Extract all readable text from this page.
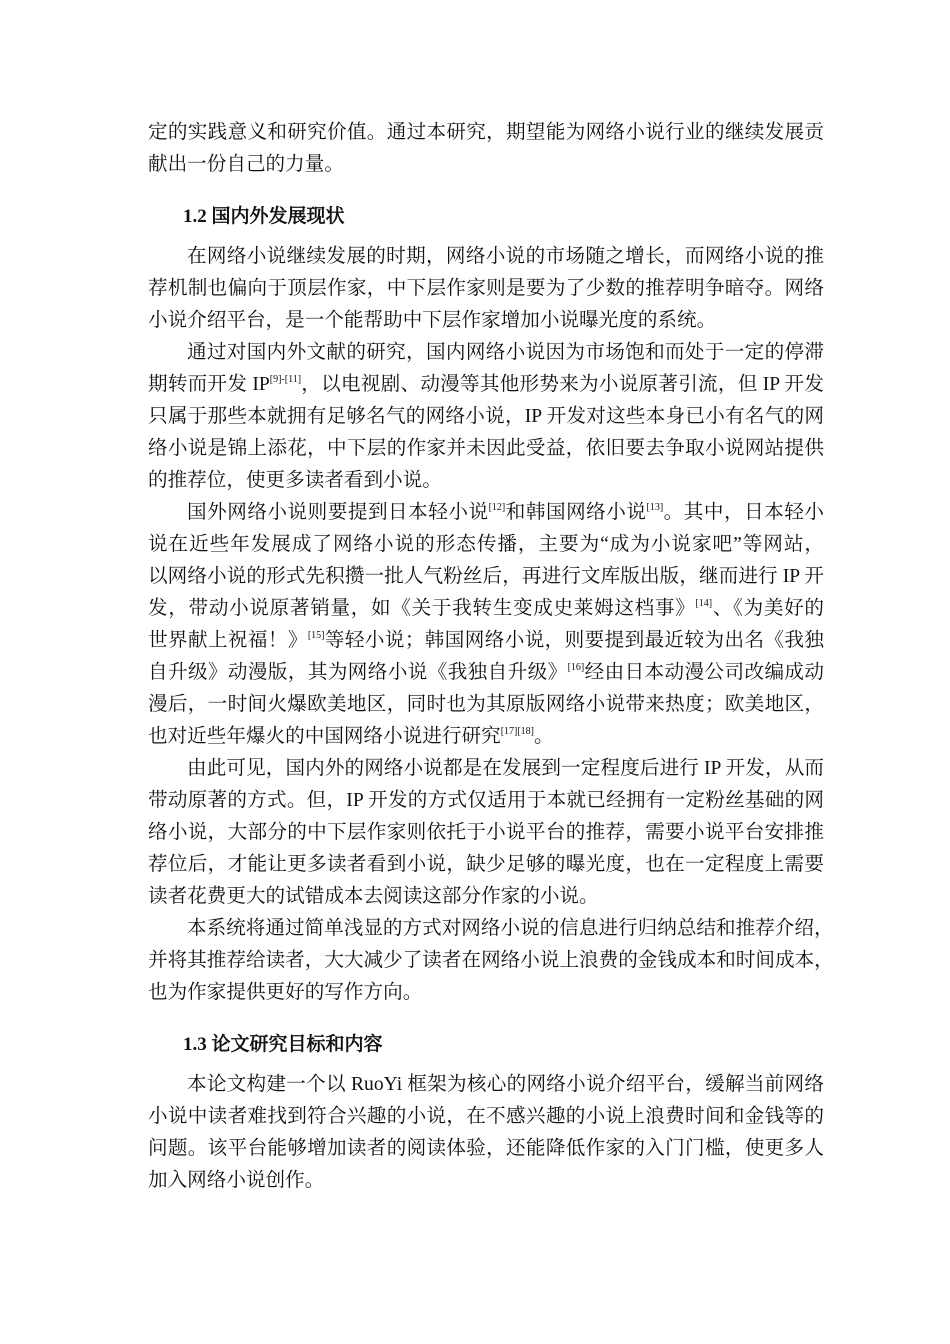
定的实践意义和研究价值。通过本研究，期望能为网络小说行业的继续发展贡
献出一份自己的力量。
1.2 国内外发展现状
在网络小说继续发展的时期，网络小说的市场随之增长，而网络小说的推
荐机制也偏向于顶层作家，中下层作家则是要为了少数的推荐明争暗夺。网络
小说介绍平台，是一个能帮助中下层作家增加小说曝光度的系统。
通过对国内外文献的研究，国内网络小说因为市场饱和而处于一定的停滞
期转而开发 IP[9]-[11]，以电视剧、动漫等其他形势来为小说原著引流，但 IP 开发
只属于那些本就拥有足够名气的网络小说，IP 开发对这些本身已小有名气的网
络小说是锦上添花，中下层的作家并未因此受益，依旧要去争取小说网站提供
的推荐位，使更多读者看到小说。
国外网络小说则要提到日本轻小说[12]和韩国网络小说[13]。其中，日本轻小
说在近些年发展成了网络小说的形态传播，主要为“成为小说家吧”等网站，
以网络小说的形式先积攒一批人气粉丝后，再进行文库版出版，继而进行 IP 开
发，带动小说原著销量，如《关于我转生变成史莱姆这档事》[14]、《为美好的
世界献上祝福！》[15]等轻小说；韩国网络小说，则要提到最近较为出名《我独
自升级》动漫版，其为网络小说《我独自升级》[16]经由日本动漫公司改编成动
漫后，一时间火爆欧美地区，同时也为其原版网络小说带来热度；欧美地区，
也对近些年爆火的中国网络小说进行研究[17][18]。
由此可见，国内外的网络小说都是在发展到一定程度后进行 IP 开发，从而
带动原著的方式。但，IP 开发的方式仅适用于本就已经拥有一定粉丝基础的网
络小说，大部分的中下层作家则依托于小说平台的推荐，需要小说平台安排推
荐位后，才能让更多读者看到小说，缺少足够的曝光度，也在一定程度上需要
读者花费更大的试错成本去阅读这部分作家的小说。
本系统将通过简单浅显的方式对网络小说的信息进行归纳总结和推荐介绍，
并将其推荐给读者，大大减少了读者在网络小说上浪费的金钱成本和时间成本，
也为作家提供更好的写作方向。
1.3 论文研究目标和内容
本论文构建一个以 RuoYi 框架为核心的网络小说介绍平台，缓解当前网络
小说中读者难找到符合兴趣的小说，在不感兴趣的小说上浪费时间和金钱等的
问题。该平台能够增加读者的阅读体验，还能降低作家的入门门槛，使更多人
加入网络小说创作。
